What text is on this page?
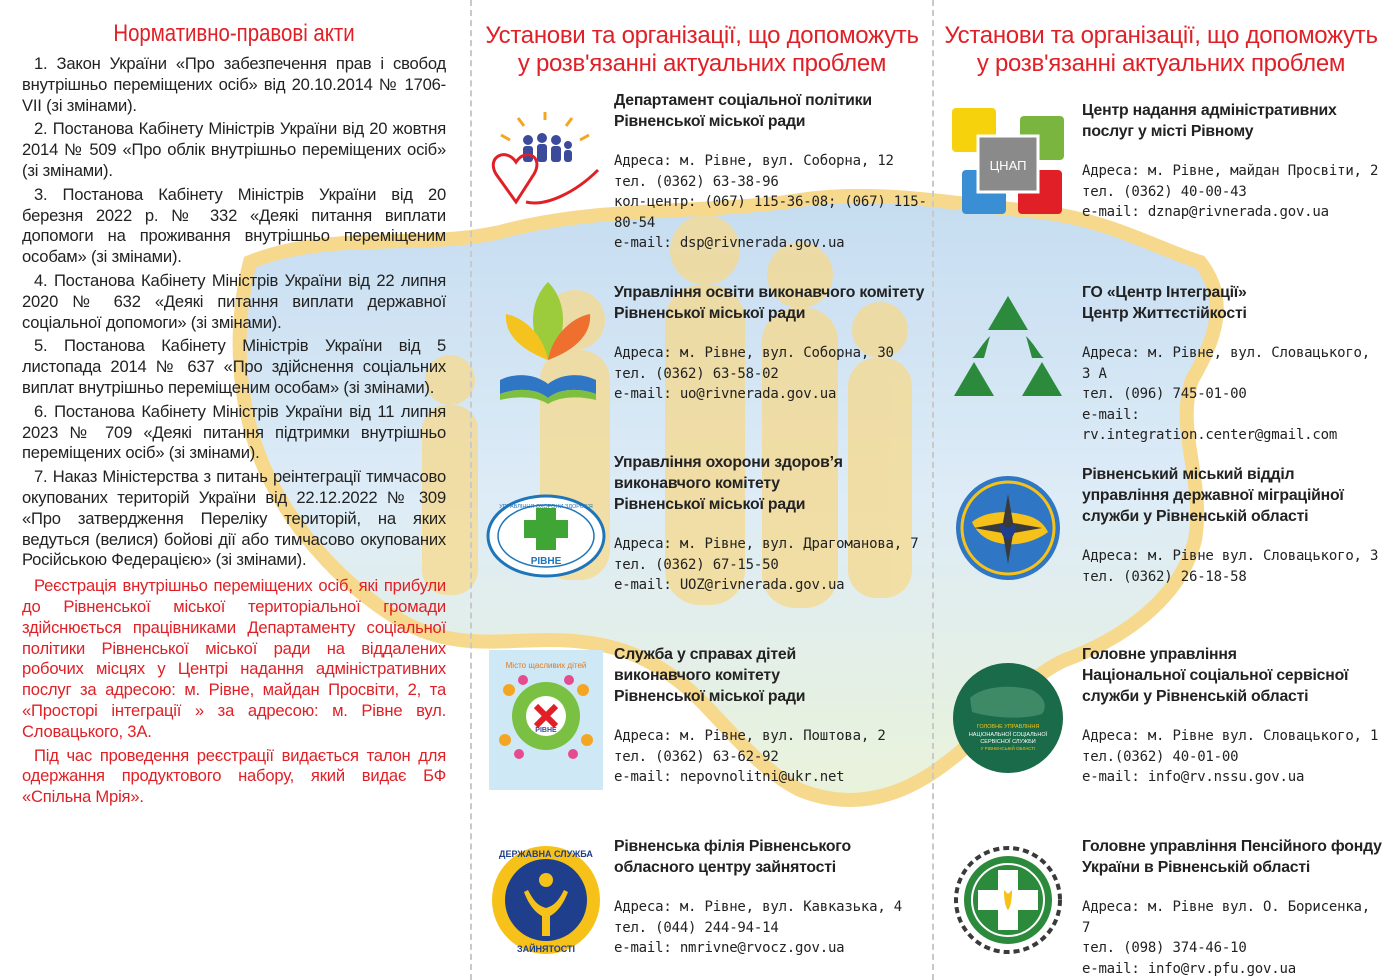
Нормативно-правові акти

1. Закон України «Про забезпечення прав і свобод внутрішньо переміщених осіб» від 20.10.2014 № 1706-VII (зі змінами).

2. Постанова Кабінету Міністрів України від 20 жовтня 2014 № 509 «Про облік внутрішньо переміщених осіб» (зі змінами).

3. Постанова Кабінету Міністрів України від 20 березня 2022 р. № 332 «Деякі питання виплати допомоги на проживання внутрішньо переміщеним особам» (зі змінами).

4. Постанова Кабінету Міністрів України від 22 липня 2020 № 632 «Деякі питання виплати державної соціальної допомоги» (зі змінами).

5. Постанова Кабінету Міністрів України від 5 листопада 2014 № 637 «Про здійснення соціальних виплат внутрішньо переміщеним особам» (зі змінами).

6. Постанова Кабінету Міністрів України від 11 липня 2023 № 709 «Деякі питання підтримки внутрішньо переміщених осіб» (зі змінами).

7. Наказ Міністерства з питань реінтеграції тимчасово окупованих територій України від 22.12.2022 № 309 «Про затвердження Переліку територій, на яких ведуться (велися) бойові дії або тимчасово окупованих Російською Федерацією» (зі змінами).

Реєстрація внутрішньо переміщених осіб, які прибули до Рівненської міської територіальної громади здійснюється працівниками Департаменту соціальної політики Рівненської міської ради на віддалених робочих місцях у Центрі надання адміністративних послуг за адресою: м. Рівне, майдан Просвіти, 2, та «Просторі інтеграції » за адресою: м. Рівне вул. Словацького, 3А.

Під час проведення реєстрації видається талон для одержання продуктового набору, який видає БФ «Спільна Мрія».

Установи та організації, що допоможуть
у розв'язанні актуальних проблем
УПРАВЛІННЯ ОХОРОНИ ЗДОРОВ'Я
РІВНЕ
Місто щасливих дітей
РІВНЕ
ДЕРЖАВНА СЛУЖБА
ЗАЙНЯТОСТІ
Департамент соціальної політики
Рівненської міської ради
Адреса: м. Рівне, вул. Соборна, 12
тел. (0362) 63-38-96
кол-центр: (067) 115-36-08; (067) 115-80-54
e-mail: dsp@rivnerada.gov.ua
Управління освіти виконавчого комітету
Рівненської міської ради
Адреса: м. Рівне, вул. Соборна, 30
тел. (0362) 63-58-02
e-mail: uo@rivnerada.gov.ua
Управління охорони здоров’я
виконавчого комітету
Рівненської міської ради
Адреса: м. Рівне, вул. Драгоманова, 7
тел. (0362) 67-15-50
e-mail: UOZ@rivnerada.gov.ua
Служба у справах дітей
виконавчого комітету
Рівненської міської ради
Адреса: м. Рівне, вул. Поштова, 2
тел. (0362) 63-62-92
e-mail: nepovnolitni@ukr.net
Рівненська філія Рівненського
обласного центру зайнятості
Адреса: м. Рівне, вул. Кавказька, 4
тел. (044) 244-94-14
e-mail: nmrivne@rvocz.gov.ua
Установи та організації, що допоможуть
у розв'язанні актуальних проблем
ЦНАП
ГОЛОВНЕ УПРАВЛІННЯ
НАЦІОНАЛЬНОЇ СОЦІАЛЬНОЇ
СЕРВІСНОЇ СЛУЖБИ
У РІВНЕНСЬКІЙ ОБЛАСТІ
Центр надання адміністративних
послуг у місті Рівному
Адреса: м. Рівне, майдан Просвіти, 2
тел. (0362) 40-00-43
e-mail: dznap@rivnerada.gov.ua
ГО «Центр Інтеграції»
Центр Життєстійкості
Адреса: м. Рівне, вул. Словацького, 3 А
тел. (096) 745-01-00
e-mail: rv.integration.center@gmail.com
Рівненський міський відділ
управління державної міграційної
служби у Рівненській області
Адреса: м. Рівне вул. Словацького, 3
тел. (0362) 26-18-58
Головне управління
Національної соціальної сервісної
служби у Рівненській області
Адреса: м. Рівне вул. Словацького, 1
тел.(0362) 40-01-00
e-mail: info@rv.nssu.gov.ua
Головне управління Пенсійного фонду
України в Рівненській області
Адреса: м. Рівне вул. О. Борисенка, 7
тел. (098) 374-46-10
e-mail: info@rv.pfu.gov.ua
